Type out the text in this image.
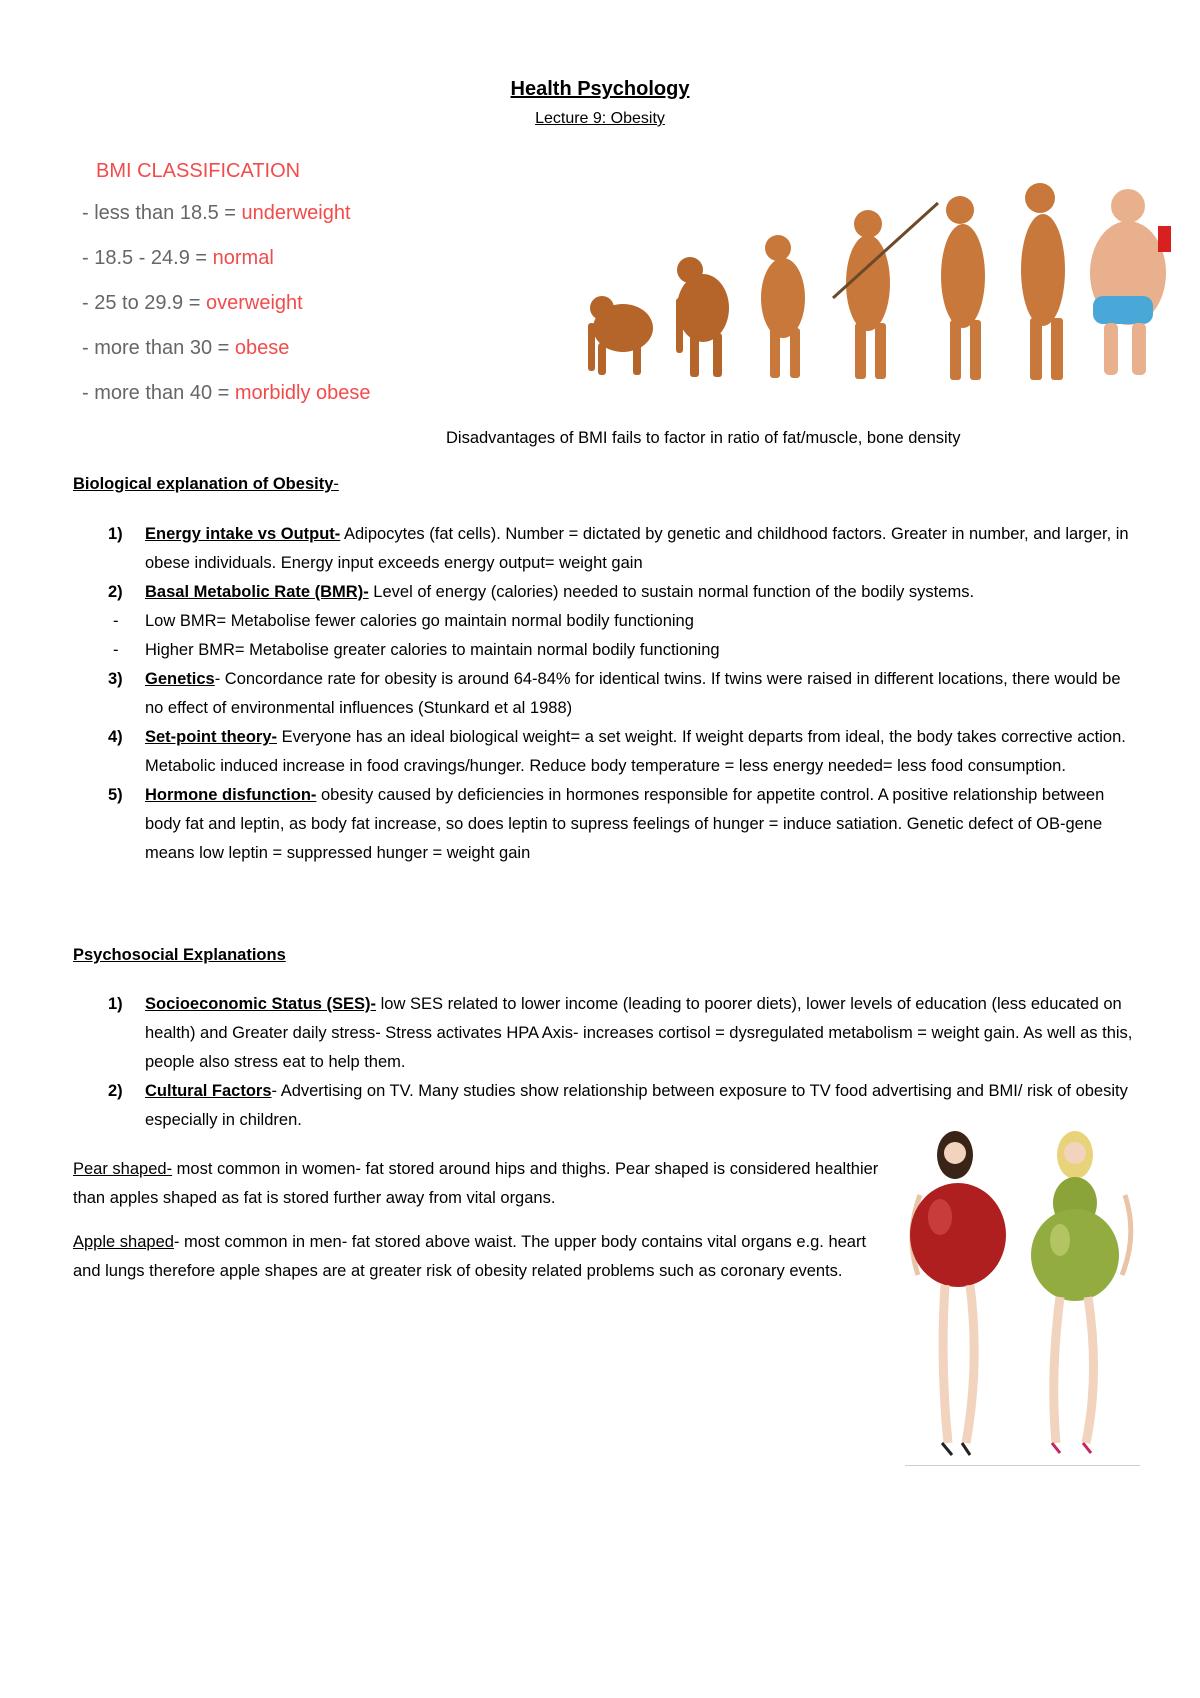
Health Psychology
Lecture 9: Obesity
BMI CLASSIFICATION
- less than 18.5 = underweight
- 18.5 - 24.9 = normal
- 25 to 29.9 = overweight
- more than 30 = obese
- more than 40 = morbidly obese
Disadvantages of BMI fails to factor in ratio of fat/muscle, bone density
Biological explanation of Obesity-
1) Energy intake vs Output- Adipocytes (fat cells). Number = dictated by genetic and childhood factors. Greater in number, and larger, in obese individuals. Energy input exceeds energy output= weight gain
2) Basal Metabolic Rate (BMR)- Level of energy (calories) needed to sustain normal function of the bodily systems.
- Low BMR= Metabolise fewer calories go maintain normal bodily functioning
- Higher BMR= Metabolise greater calories to maintain normal bodily functioning
3) Genetics- Concordance rate for obesity is around 64-84% for identical twins. If twins were raised in different locations, there would be no effect of environmental influences (Stunkard et al 1988)
4) Set-point theory- Everyone has an ideal biological weight= a set weight. If weight departs from ideal, the body takes corrective action. Metabolic induced increase in food cravings/hunger. Reduce body temperature = less energy needed= less food consumption.
5) Hormone disfunction- obesity caused by deficiencies in hormones responsible for appetite control. A positive relationship between body fat and leptin, as body fat increase, so does leptin to supress feelings of hunger = induce satiation. Genetic defect of OB-gene means low leptin = suppressed hunger = weight gain
Psychosocial Explanations
1) Socioeconomic Status (SES)- low SES related to lower income (leading to poorer diets), lower levels of education (less educated on health) and Greater daily stress- Stress activates HPA Axis- increases cortisol = dysregulated metabolism = weight gain. As well as this, people also stress eat to help them.
2) Cultural Factors- Advertising on TV. Many studies show relationship between exposure to TV food advertising and BMI/ risk of obesity especially in children.
Pear shaped- most common in women- fat stored around hips and thighs. Pear shaped is considered healthier than apples shaped as fat is stored further away from vital organs.
Apple shaped- most common in men- fat stored above waist. The upper body contains vital organs e.g. heart and lungs therefore apple shapes are at greater risk of obesity related problems such as coronary events.
